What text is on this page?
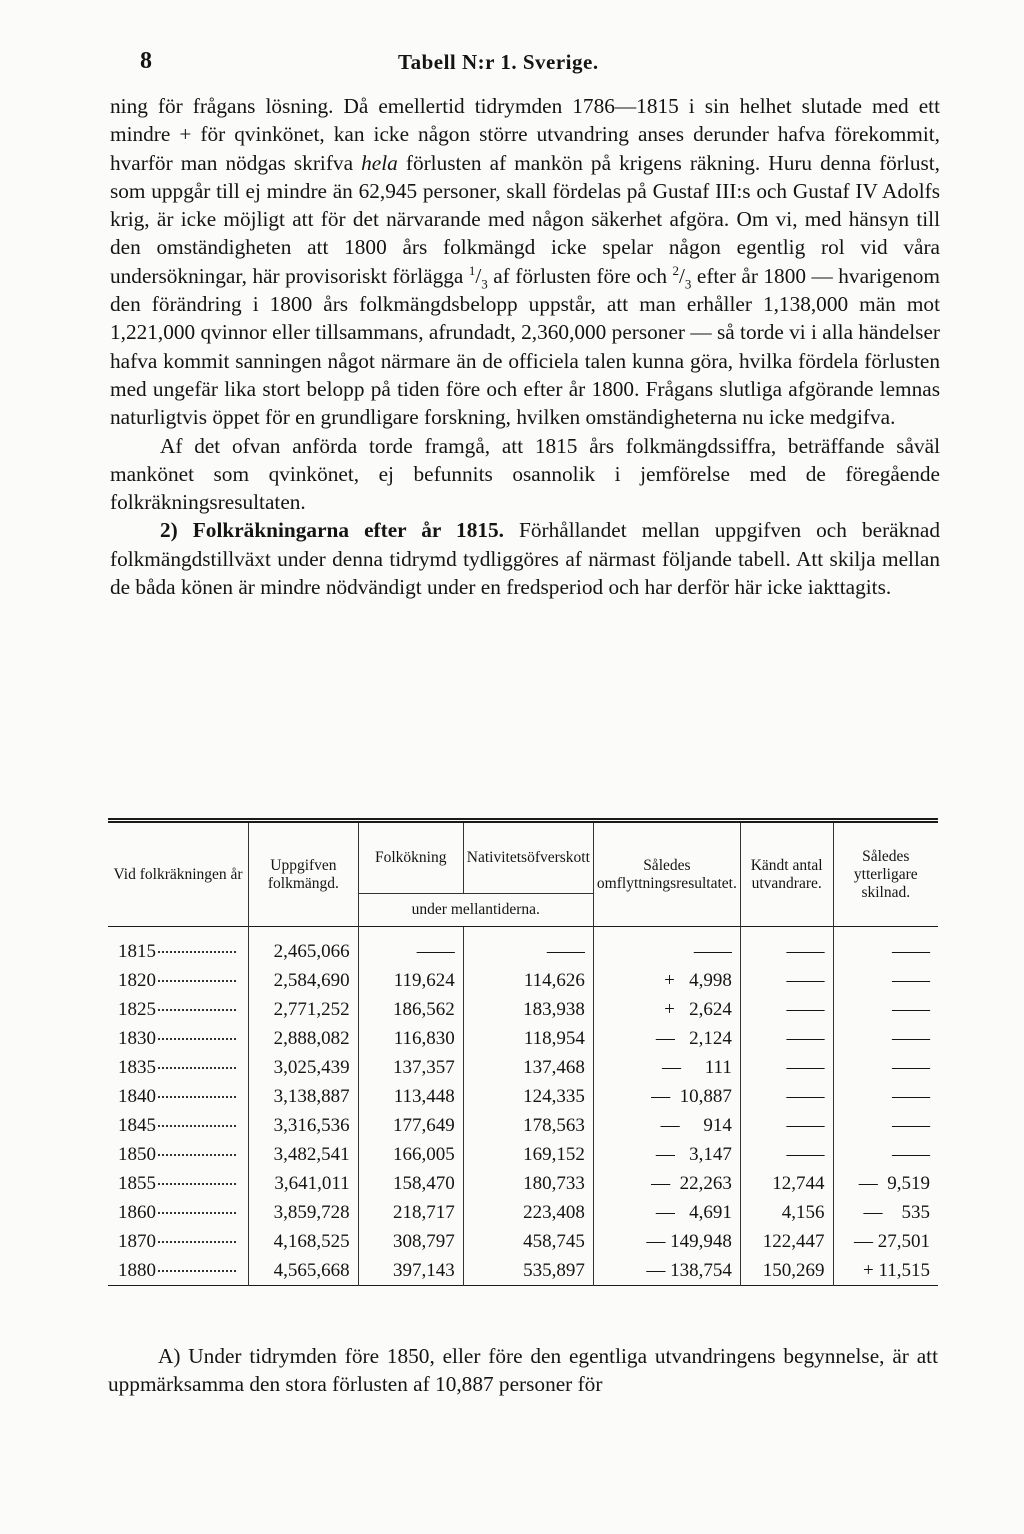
8	Tabell N:r 1. Sverige.

ning för frågans lösning. Då emellertid tidrymden 1786—1815 i sin helhet slutade med ett mindre + för qvinkönet, kan icke någon större utvandring anses derunder hafva förekommit, hvarför man nödgas skrifva hela förlusten af mankön på krigens räkning. Huru denna förlust, som uppgår till ej mindre än 62,945 personer, skall fördelas på Gustaf III:s och Gustaf IV Adolfs krig, är icke möjligt att för det närvarande med någon säkerhet afgöra. Om vi, med hänsyn till den omständigheten att 1800 års folkmängd icke spelar någon egentlig rol vid våra undersökningar, här provisoriskt förlägga $^1/_3$ af förlusten före och $^2/_3$ efter år 1800 — hvarigenom den förändring i 1800 års folkmängdsbelopp uppstår, att man erhåller 1,138,000 män mot 1,221,000 qvinnor eller tillsammans, afrundadt, 2,360,000 personer — så torde vi i alla händelser hafva kommit sanningen något närmare än de officiela talen kunna göra, hvilka fördela förlusten med ungefär lika stort belopp på tiden före och efter år 1800. Frågans slutliga afgörande lemnas naturligtvis öppet för en grundligare forskning, hvilken omständigheterna nu icke medgifva.

Af det ofvan anförda torde framgå, att 1815 års folkmängdssiffra, beträffande såväl mankönet som qvinkönet, ej befunnits osannolik i jemförelse med de föregående folkräkningsresultaten.

2) Folkräkningarna efter år 1815. Förhållandet mellan uppgifven och beräknad folkmängdstillväxt under denna tidrymd tydliggöres af närmast följande tabell. Att skilja mellan de båda könen är mindre nödvändigt under en fredsperiod och har derför här icke iakttagits.

Vid folkräkningen år	Uppgifven folkmängd.	Folkökning	Nativitetsöfverskott	Således omflyttningsresultatet.	Kändt antal utvandrare.	Således ytterligare skilnad.
		under mellantiderna.				

1815	2,465,066	——	——	——	——	——
1820	2,584,690	119,624	114,626	+   4,998	——	——
1825	2,771,252	186,562	183,938	+   2,624	——	——
1830	2,888,082	116,830	118,954	—   2,124	——	——
1835	3,025,439	137,357	137,468	—     111	——	——
1840	3,138,887	113,448	124,335	—  10,887	——	——
1845	3,316,536	177,649	178,563	—     914	——	——
1850	3,482,541	166,005	169,152	—   3,147	——	——
1855	3,641,011	158,470	180,733	—  22,263	12,744	—  9,519
1860	3,859,728	218,717	223,408	—   4,691	4,156	—    535
1870	4,168,525	308,797	458,745	— 149,948	122,447	— 27,501
1880	4,565,668	397,143	535,897	— 138,754	150,269	+ 11,515
A) Under tidrymden före 1850, eller före den egentliga utvandringens begynnelse, är att uppmärksamma den stora förlusten af 10,887 personer för
